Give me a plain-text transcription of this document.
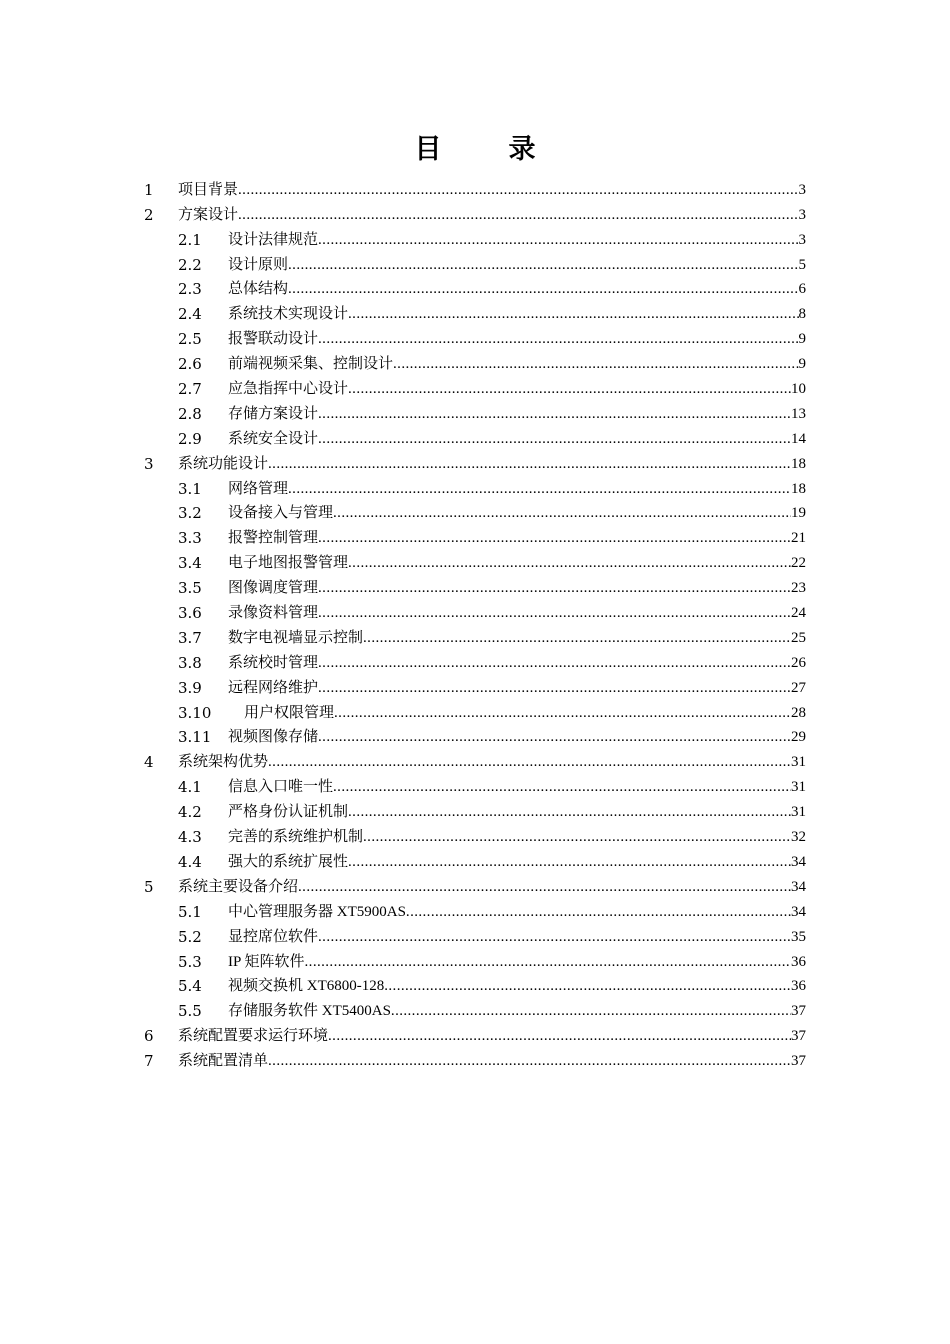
目　录
1	项目背景 .....	3
2	方案设计 .....	3
2.1	设计法律规范 .....	3
2.2	设计原则 .....	5
2.3	总体结构 .....	6
2.4	系统技术实现设计 .....	8
2.5	报警联动设计 .....	9
2.6	前端视频采集、控制设计 .....	9
2.7	应急指挥中心设计 .....	10
2.8	存储方案设计 .....	13
2.9	系统安全设计 .....	14
3	系统功能设计 .....	18
3.1	网络管理 .....	18
3.2	设备接入与管理 .....	19
3.3	报警控制管理 .....	21
3.4	电子地图报警管理 .....	22
3.5	图像调度管理 .....	23
3.6	录像资料管理 .....	24
3.7	数字电视墙显示控制 .....	25
3.8	系统校时管理 .....	26
3.9	远程网络维护 .....	27
3.10	用户权限管理 .....	28
3.11	视频图像存储 .....	29
4	系统架构优势 .....	31
4.1	信息入口唯一性 .....	31
4.2	严格身份认证机制 .....	31
4.3	完善的系统维护机制 .....	32
4.4	强大的系统扩展性 .....	34
5	系统主要设备介绍 .....	34
5.1	中心管理服务器 XT5900AS .....	34
5.2	显控席位软件 .....	35
5.3	IP 矩阵软件 .....	36
5.4	视频交换机 XT6800-128 .....	36
5.5	存储服务软件 XT5400AS .....	37
6	系统配置要求运行环境 .....	37
7	系统配置清单 .....	37
